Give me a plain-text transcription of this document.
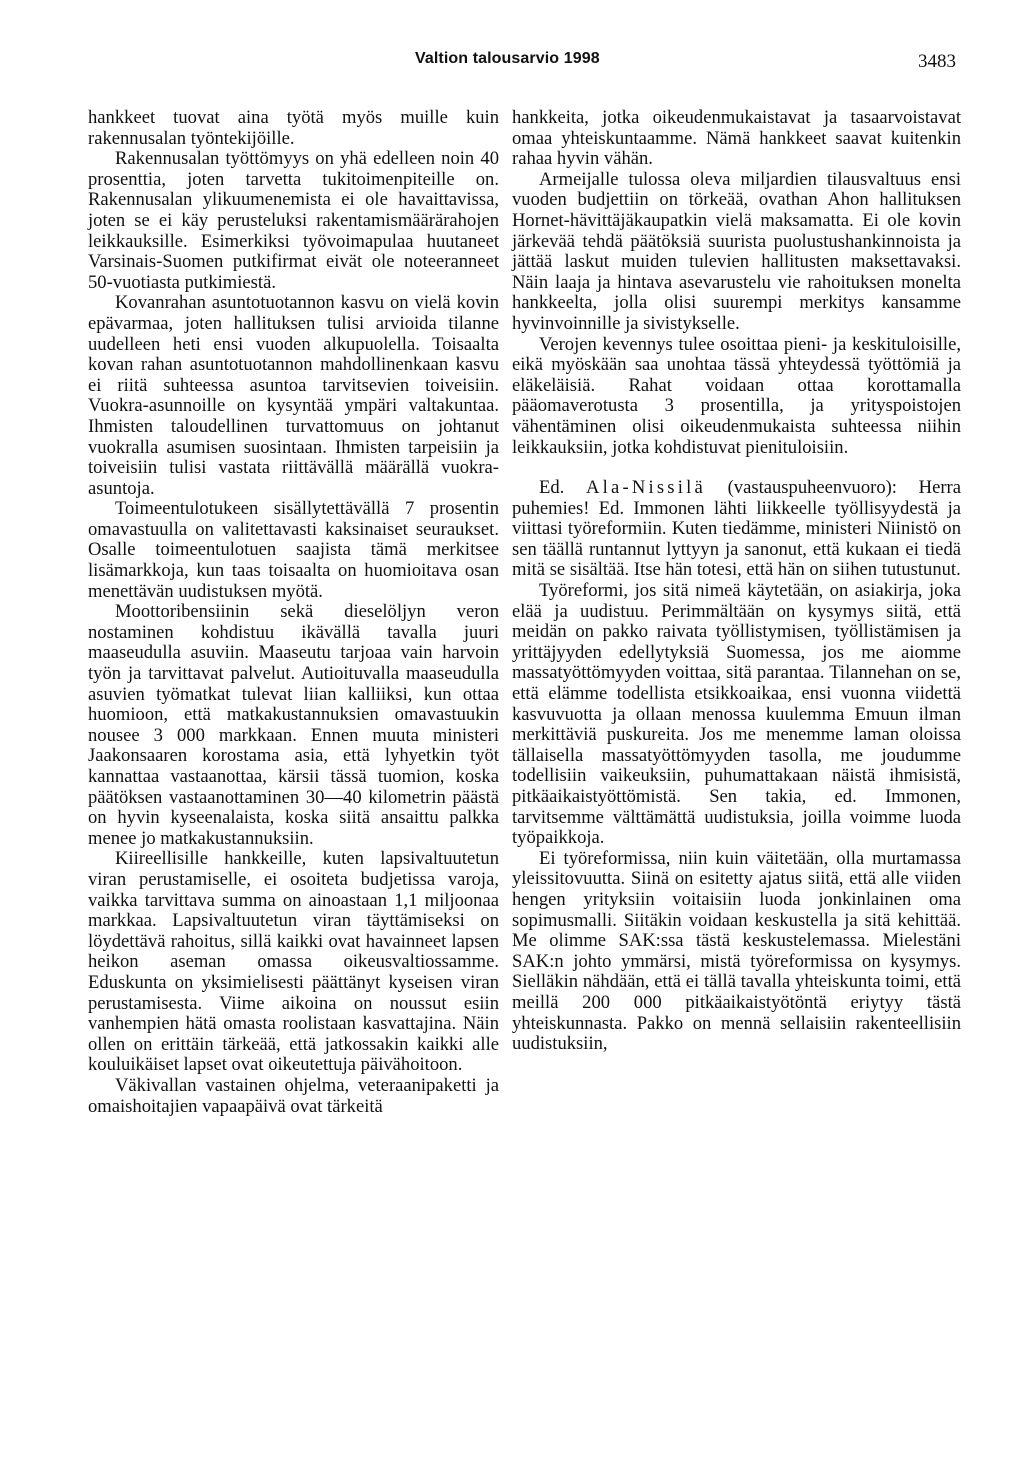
Valtion talousarvio 1998	3483

hankkeet tuovat aina työtä myös muille kuin rakennusalan työntekijöille.

Rakennusalan työttömyys on yhä edelleen noin 40 prosenttia, joten tarvetta tukitoimenpiteille on. Rakennusalan ylikuumenemista ei ole havaittavissa, joten se ei käy perusteluksi rakentamismäärärahojen leikkauksille. Esimerkiksi työvoimapulaa huutaneet Varsinais-Suomen putkifirmat eivät ole noteeranneet 50-vuotiasta putkimiestä.

Kovanrahan asuntotuotannon kasvu on vielä kovin epävarmaa, joten hallituksen tulisi arvioida tilanne uudelleen heti ensi vuoden alkupuolella. Toisaalta kovan rahan asuntotuotannon mahdollinenkaan kasvu ei riitä suhteessa asuntoa tarvitsevien toiveisiin. Vuokra-asunnoille on kysyntää ympäri valtakuntaa. Ihmisten taloudellinen turvattomuus on johtanut vuokralla asumisen suosintaan. Ihmisten tarpeisiin ja toiveisiin tulisi vastata riittävällä määrällä vuokra-asuntoja.

Toimeentulotukeen sisällytettävällä 7 prosentin omavastuulla on valitettavasti kaksinaiset seuraukset. Osalle toimeentulotuen saajista tämä merkitsee lisämarkkoja, kun taas toisaalta on huomioitava osan menettävän uudistuksen myötä.

Moottoribensiinin sekä dieselöljyn veron nostaminen kohdistuu ikävällä tavalla juuri maaseudulla asuviin. Maaseutu tarjoaa vain harvoin työn ja tarvittavat palvelut. Autioituvalla maaseudulla asuvien työmatkat tulevat liian kalliiksi, kun ottaa huomioon, että matkakustannuksien omavastuukin nousee 3 000 markkaan. Ennen muuta ministeri Jaakonsaaren korostama asia, että lyhyetkin työt kannattaa vastaanottaa, kärsii tässä tuomion, koska päätöksen vastaanottaminen 30—40 kilometrin päästä on hyvin kyseenalaista, koska siitä ansaittu palkka menee jo matkakustannuksiin.

Kiireellisille hankkeille, kuten lapsivaltuutetun viran perustamiselle, ei osoiteta budjetissa varoja, vaikka tarvittava summa on ainoastaan 1,1 miljoonaa markkaa. Lapsivaltuutetun viran täyttämiseksi on löydettävä rahoitus, sillä kaikki ovat havainneet lapsen heikon aseman omassa oikeusvaltiossamme. Eduskunta on yksimielisesti päättänyt kyseisen viran perustamisesta. Viime aikoina on noussut esiin vanhempien hätä omasta roolistaan kasvattajina. Näin ollen on erittäin tärkeää, että jatkossakin kaikki alle kouluikäiset lapset ovat oikeutettuja päivähoitoon.

Väkivallan vastainen ohjelma, veteraanipaketti ja omaishoitajien vapaapäivä ovat tärkeitä

hankkeita, jotka oikeudenmukaistavat ja tasaarvoistavat omaa yhteiskuntaamme. Nämä hankkeet saavat kuitenkin rahaa hyvin vähän.

Armeijalle tulossa oleva miljardien tilausvaltuus ensi vuoden budjettiin on törkeää, ovathan Ahon hallituksen Hornet-hävittäjäkaupatkin vielä maksamatta. Ei ole kovin järkevää tehdä päätöksiä suurista puolustushankinnoista ja jättää laskut muiden tulevien hallitusten maksettavaksi. Näin laaja ja hintava asevarustelu vie rahoituksen monelta hankkeelta, jolla olisi suurempi merkitys kansamme hyvinvoinnille ja sivistykselle.

Verojen kevennys tulee osoittaa pieni- ja keskituloisille, eikä myöskään saa unohtaa tässä yhteydessä työttömiä ja eläkeläisiä. Rahat voidaan ottaa korottamalla pääomaverotusta 3 prosentilla, ja yrityspoistojen vähentäminen olisi oikeudenmukaista suhteessa niihin leikkauksiin, jotka kohdistuvat pienituloisiin.

Ed. Ala-Nissilä (vastauspuheenvuoro): Herra puhemies! Ed. Immonen lähti liikkeelle työllisyydestä ja viittasi työreformiin. Kuten tiedämme, ministeri Niinistö on sen täällä runtannut lyttyyn ja sanonut, että kukaan ei tiedä mitä se sisältää. Itse hän totesi, että hän on siihen tutustunut.

Työreformi, jos sitä nimeä käytetään, on asiakirja, joka elää ja uudistuu. Perimmältään on kysymys siitä, että meidän on pakko raivata työllistymisen, työllistämisen ja yrittäjyyden edellytyksiä Suomessa, jos me aiomme massatyöttömyyden voittaa, sitä parantaa. Tilannehan on se, että elämme todellista etsikkoaikaa, ensi vuonna viidettä kasvuvuotta ja ollaan menossa kuulemma Emuun ilman merkittäviä puskureita. Jos me menemme laman oloissa tällaisella massatyöttömyyden tasolla, me joudumme todellisiin vaikeuksiin, puhumattakaan näistä ihmisistä, pitkäaikaistyöttömistä. Sen takia, ed. Immonen, tarvitsemme välttämättä uudistuksia, joilla voimme luoda työpaikkoja.

Ei työreformissa, niin kuin väitetään, olla murtamassa yleissitovuutta. Siinä on esitetty ajatus siitä, että alle viiden hengen yrityksiin voitaisiin luoda jonkinlainen oma sopimusmalli. Siitäkin voidaan keskustella ja sitä kehittää. Me olimme SAK:ssa tästä keskustelemassa. Mielestäni SAK:n johto ymmärsi, mistä työreformissa on kysymys. Sielläkin nähdään, että ei tällä tavalla yhteiskunta toimi, että meillä 200 000 pitkäaikaistyötöntä eriytyy tästä yhteiskunnasta. Pakko on mennä sellaisiin rakenteellisiin uudistuksiin,
